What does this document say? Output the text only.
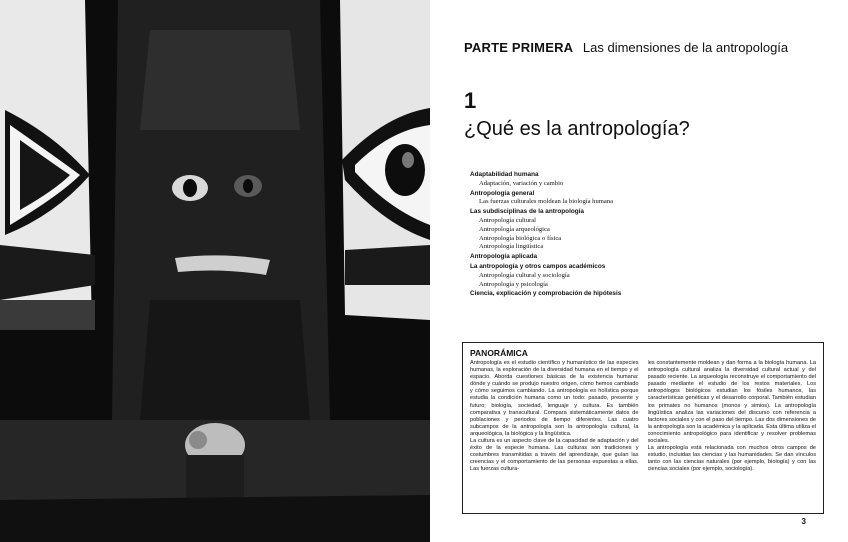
PARTE PRIMERA Las dimensiones de la antropología
1
¿Qué es la antropología?
Adaptabilidad humana
Adaptación, variación y cambio
Antropología general
Las fuerzas culturales moldean la biología humana
Las subdisciplinas de la antropología
Antropología cultural
Antropología arqueológica
Antropología biológica o física
Antropología lingüística
Antropología aplicada
La antropología y otros campos académicos
Antropología cultural y sociología
Antropología y psicología
Ciencia, explicación y comprobación de hipótesis
PANORÁMICA

Antropología es el estudio científico y humanístico de las especies humanas, la exploración de la diversidad humana en el tiempo y el espacio. Aborda cuestiones básicas de la existencia humana: dónde y cuándo se produjo nuestro origen, cómo hemos cambiado y cómo seguimos cambiando. La antropología es holística porque estudia la condición humana como un todo: pasado, presente y futuro; biología, sociedad, lenguaje y cultura. Es también comparativa y transcultural. Compara sistemáticamente datos de poblaciones y periodos de tiempo diferentes. Las cuatro subcampos de la antropología son la antropología cultural, la arqueológica, la biológica y la lingüística.

La cultura es un aspecto clave de la capacidad de adaptación y del éxito de la especie humana. Las culturas son tradiciones y costumbres transmitidas a través del aprendizaje, que guían las creencias y el comportamiento de las personas expuestas a ellas. Las fuerzas cultura-

les constantemente moldean y dan forma a la biología humana. La antropología cultural analiza la diversidad cultural actual y del pasado reciente. La arqueología reconstruye el comportamiento del pasado mediante el estudio de los restos materiales. Los antropólogos biológicos estudian los fósiles humanos, las características genéticas y el desarrollo corporal. También estudian los primates no humanos (monos y simios). La antropología lingüística analiza las variaciones del discurso con referencia a factores sociales y con el paso del tiempo. Las dos dimensiones de la antropología son la académica y la aplicada. Esta última utiliza el conocimiento antropológico para identificar y resolver problemas sociales.

La antropología está relacionada con muchos otros campos de estudio, incluidas las ciencias y las humanidades. Se dan vínculos tanto con las ciencias naturales (por ejemplo, biología) y con las ciencias sociales (por ejemplo, sociología).

3
